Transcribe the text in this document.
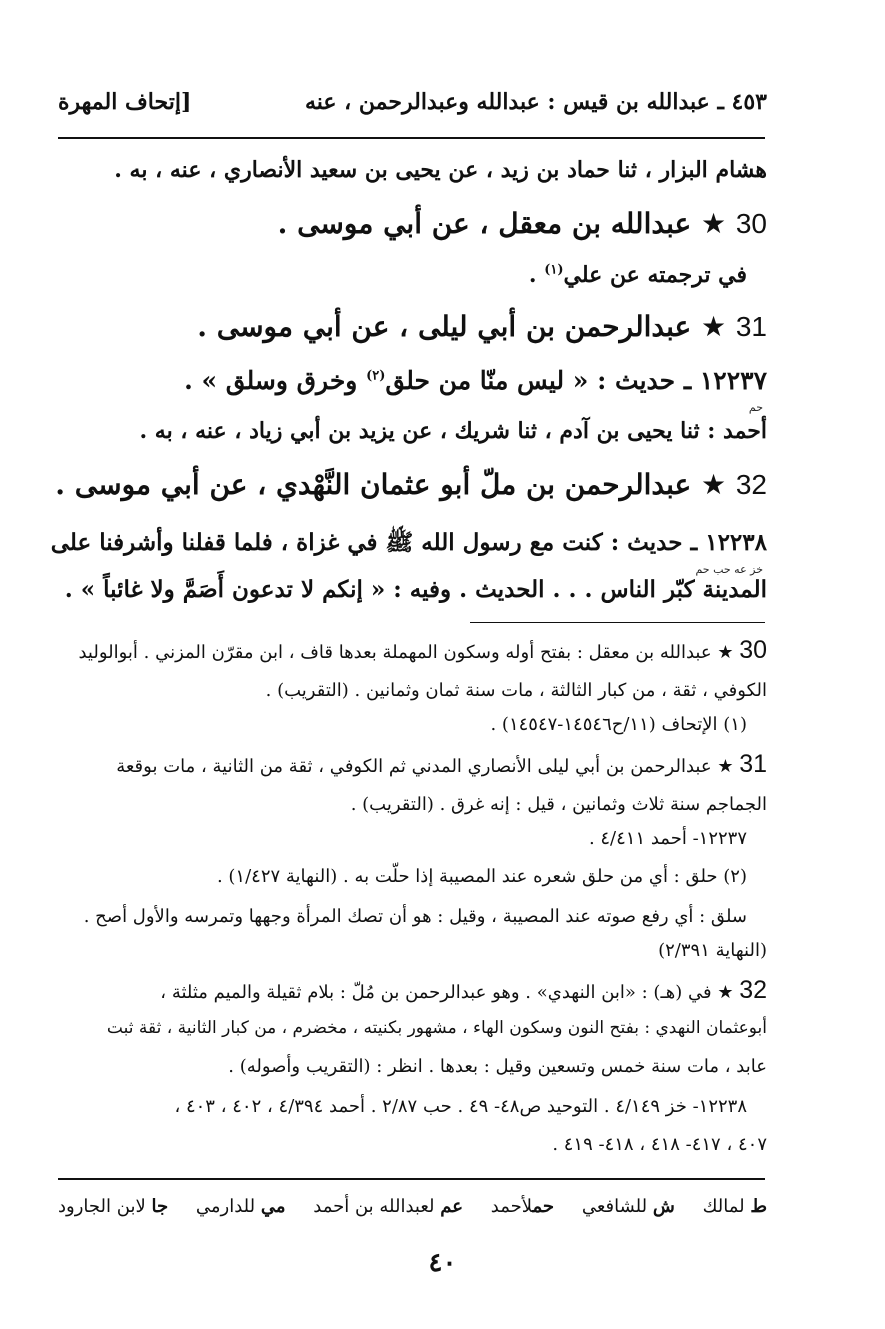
٤٥٣ ـ عبدالله بن قيس : عبدالله وعبدالرحمن ، عنه
[إتحاف المهرة
هشام البزار ، ثنا حماد بن زيد ، عن يحيى بن سعيد الأنصاري ، عنه ، به .
30 ★ عبدالله بن معقل ، عن أبي موسى .
في ترجمته عن علي$^{(١)}$ .
31 ★ عبدالرحمن بن أبي ليلى ، عن أبي موسى .
١٢٢٣٧ ـ حديث : « ليس منّا من حلق$^{(٢)}$ وخرق وسلق » .
حم
أحمد : ثنا يحيى بن آدم ، ثنا شريك ، عن يزيد بن أبي زياد ، عنه ، به .
32 ★ عبدالرحمن بن ملّ أبو عثمان النَّهْدي ، عن أبي موسى .
١٢٢٣٨ ـ حديث : كنت مع رسول الله ﷺ في غزاة ، فلما قفلنا وأشرفنا على
خز عه حب حم
المدينة كبّر الناس . . . الحديث . وفيه : « إنكم لا تدعون أَصَمَّ ولا غائباً » .
30 ★ عبدالله بن معقل : بفتح أوله وسكون المهملة بعدها قاف ، ابن مقرّن المزني . أبوالوليد
الكوفي ، ثقة ، من كبار الثالثة ، مات سنة ثمان وثمانين . (التقريب) .
(١) الإتحاف (١١/ح١٤٥٤٦-١٤٥٤٧) .
31 ★ عبدالرحمن بن أبي ليلى الأنصاري المدني ثم الكوفي ، ثقة من الثانية ، مات بوقعة
الجماجم سنة ثلاث وثمانين ، قيل : إنه غرق . (التقريب) .
١٢٢٣٧- أحمد ٤/٤١١ .
(٢) حلق : أي من حلق شعره عند المصيبة إذا حلّت به . (النهاية ١/٤٢٧) .
سلق : أي رفع صوته عند المصيبة ، وقيل : هو أن تصك المرأة وجهها وتمرسه والأول أصح .
(النهاية ٢/٣٩١)
32 ★ في (هـ) : «ابن النهدي» . وهو عبدالرحمن بن مُلّ : بلام ثقيلة والميم مثلثة ،
أبوعثمان النهدي : بفتح النون وسكون الهاء ، مشهور بكنيته ، مخضرم ، من كبار الثانية ، ثقة ثبت
عابد ، مات سنة خمس وتسعين وقيل : بعدها . انظر : (التقريب وأصوله) .
١٢٢٣٨- خز ٤/١٤٩ . التوحيد ص٤٨- ٤٩ . حب ٢/٨٧ . أحمد ٤/٣٩٤ ، ٤٠٢ ، ٤٠٣ ،
٤٠٧ ، ٤١٧- ٤١٨ ، ٤١٨- ٤١٩ .
ط لمالك
ش للشافعي
حملأحمد
عم لعبدالله بن أحمد
مي للدارمي
جا لابن الجارود
٤٠
